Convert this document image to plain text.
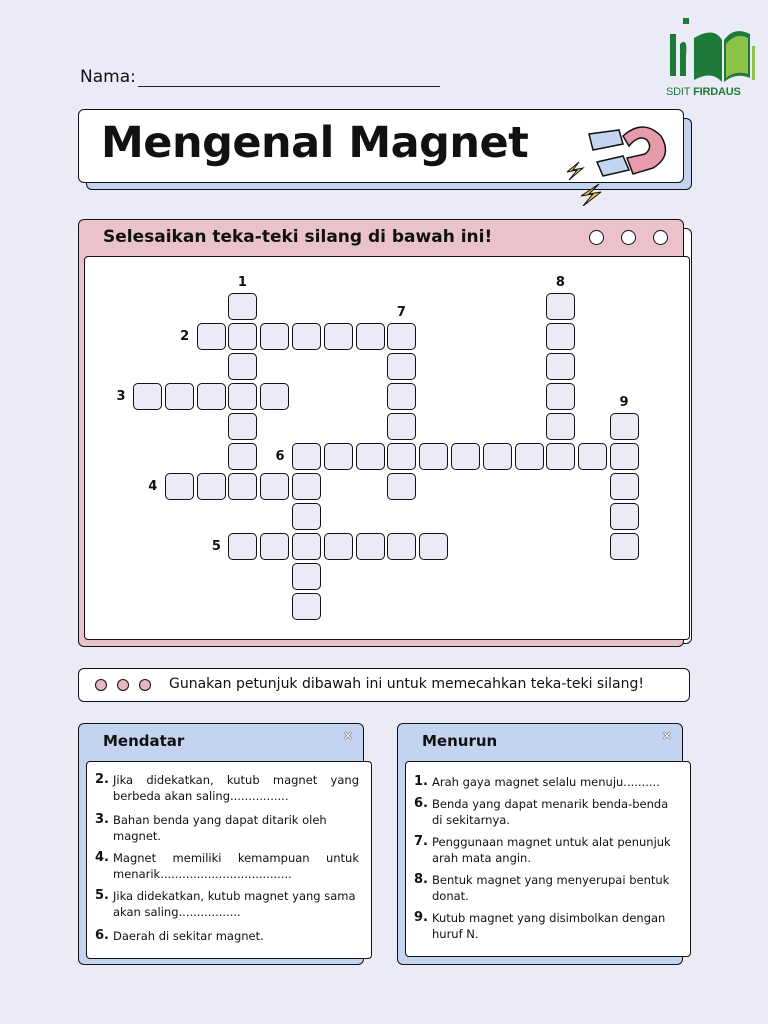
Nama:
SDIT FIRDAUS
Mengenal Magnet
Selesaikan teka-teki silang di bawah ini!
1
2
3
4
5
6
7
8
9
Gunakan petunjuk dibawah ini untuk memecahkan teka-teki silang!
Mendatar	✕
2. Jika didekatkan, kutub magnet yang berbeda akan saling................
3. Bahan benda yang dapat ditarik oleh magnet.
4. Magnet memiliki kemampuan untuk menarik....................................
5. Jika didekatkan, kutub magnet yang sama akan saling.................
6. Daerah di sekitar magnet.
Menurun	✕
1. Arah gaya magnet selalu menuju..........
6. Benda yang dapat menarik benda-benda di sekitarnya.
7. Penggunaan magnet untuk alat penunjuk arah mata angin.
8. Bentuk magnet yang menyerupai bentuk donat.
9. Kutub magnet yang disimbolkan dengan huruf N.
